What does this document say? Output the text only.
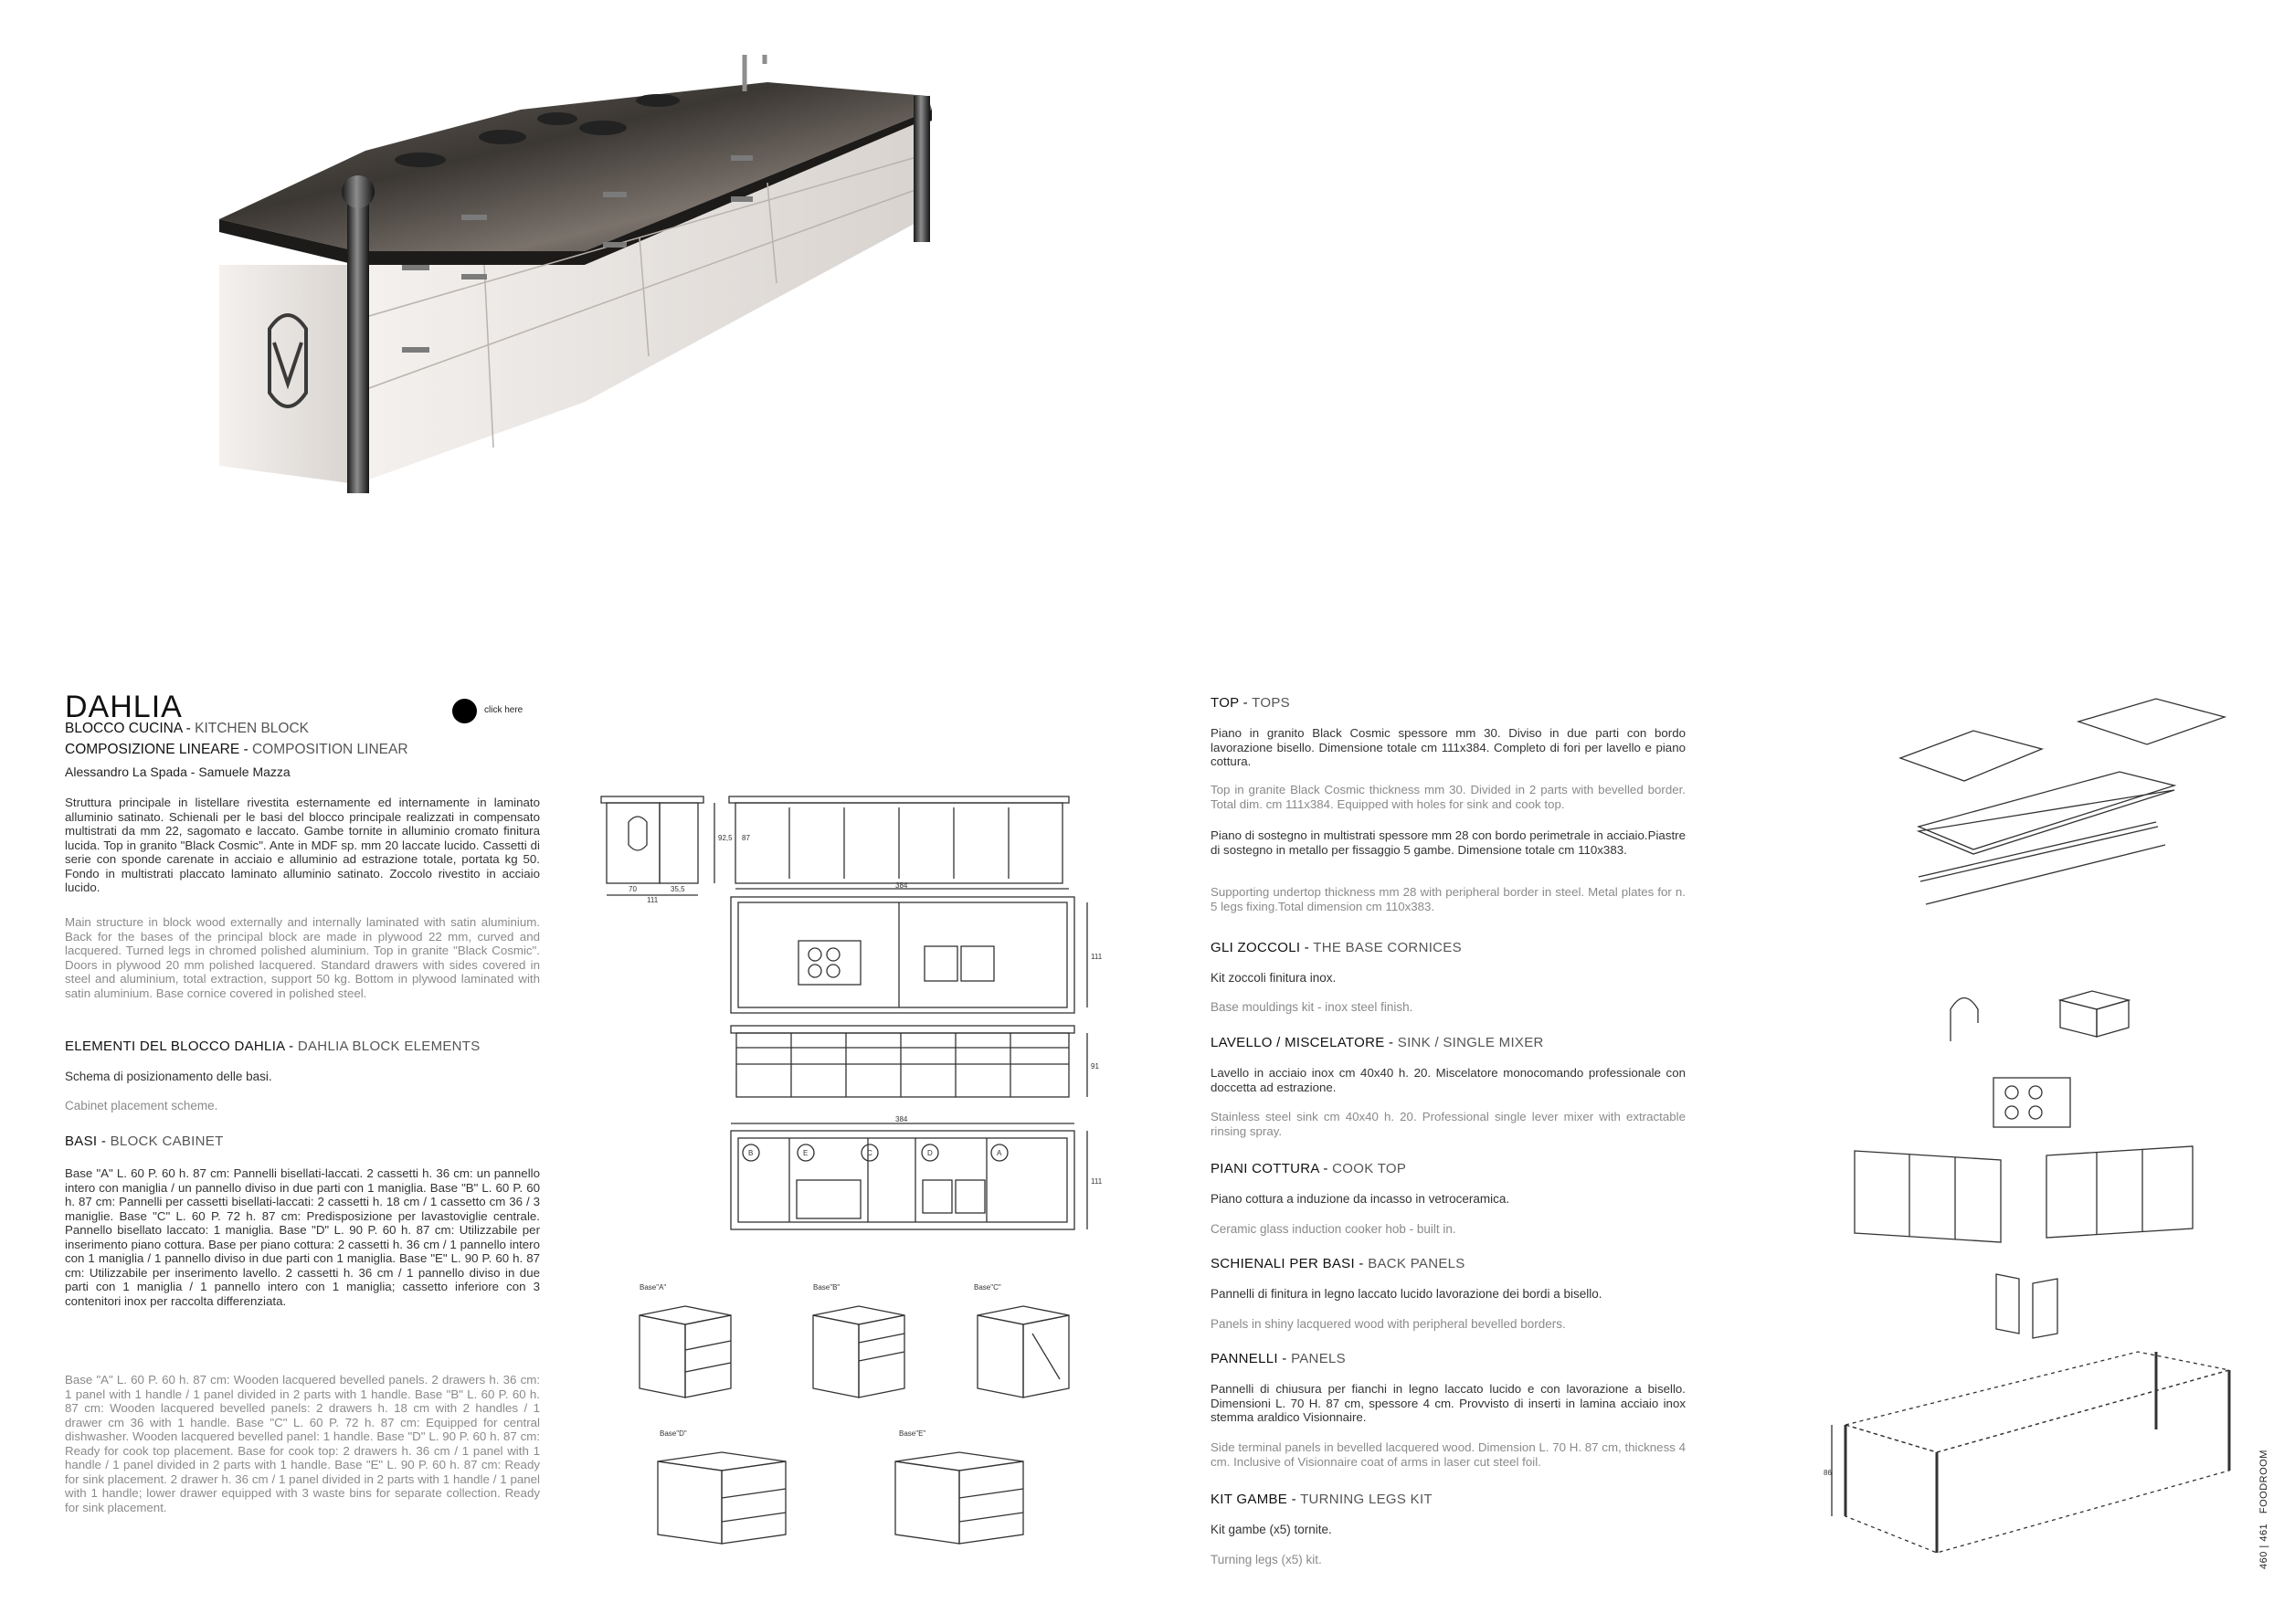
DAHLIA	click here
BLOCCO CUCINA - KITCHEN BLOCK
COMPOSIZIONE LINEARE - COMPOSITION LINEAR
Alessandro La Spada - Samuele Mazza
Struttura principale in listellare rivestita esternamente ed internamente in laminato alluminio satinato. Schienali per le basi del blocco principale realizzati in compensato multistrati da mm 22, sagomato e laccato. Gambe tornite in alluminio cromato finitura lucida. Top in granito "Black Cosmic". Ante in MDF sp. mm 20 laccate lucido. Cassetti di serie con sponde carenate in acciaio e alluminio ad estrazione totale, portata kg 50. Fondo in multistrati placcato laminato alluminio satinato. Zoccolo rivestito in acciaio lucido.
Main structure in block wood externally and internally laminated with satin aluminium. Back for the bases of the principal block are made in plywood 22 mm, curved and lacquered. Turned legs in chromed polished aluminium. Top in granite "Black Cosmic". Doors in plywood 20 mm polished lacquered. Standard drawers with sides covered in steel and aluminium, total extraction, support 50 kg. Bottom in plywood laminated with satin aluminium. Base cornice covered in polished steel.
ELEMENTI DEL BLOCCO DAHLIA - DAHLIA BLOCK ELEMENTS
Schema di posizionamento delle basi.
Cabinet placement scheme.
BASI - BLOCK CABINET
Base "A" L. 60 P. 60 h. 87 cm: Pannelli bisellati-laccati. 2 cassetti h. 36 cm: un pannello intero con maniglia / un pannello diviso in due parti con 1 maniglia. Base "B" L. 60 P. 60 h. 87 cm: Pannelli per cassetti bisellati-laccati: 2 cassetti h. 18 cm / 1 cassetto cm 36 / 3 maniglie. Base "C" L. 60 P. 72 h. 87 cm: Predisposizione per lavastoviglie centrale. Pannello bisellato laccato: 1 maniglia. Base "D" L. 90 P. 60 h. 87 cm: Utilizzabile per inserimento piano cottura. Base per piano cottura: 2 cassetti h. 36 cm / 1 pannello intero con 1 maniglia / 1 pannello diviso in due parti con 1 maniglia. Base "E" L. 90 P. 60 h. 87 cm: Utilizzabile per inserimento lavello. 2 cassetti h. 36 cm / 1 pannello diviso in due parti con 1 maniglia / 1 pannello intero con 1 maniglia; cassetto inferiore con 3 contenitori inox per raccolta differenziata.
Base "A" L. 60 P. 60 h. 87 cm: Wooden lacquered bevelled panels. 2 drawers h. 36 cm: 1 panel with 1 handle / 1 panel divided in 2 parts with 1 handle. Base "B" L. 60 P. 60 h. 87 cm: Wooden lacquered bevelled panels: 2 drawers h. 18 cm with 2 handles / 1 drawer cm 36 with 1 handle. Base "C" L. 60 P. 72 h. 87 cm: Equipped for central dishwasher. Wooden lacquered bevelled panel: 1 handle. Base "D" L. 90 P. 60 h. 87 cm: Ready for cook top placement. Base for cook top: 2 drawers h. 36 cm / 1 panel with 1 handle / 1 panel divided in 2 parts with 1 handle. Base "E" L. 90 P. 60 h. 87 cm: Ready for sink placement. 2 drawer h. 36 cm / 1 panel divided in 2 parts with 1 handle / 1 panel with 1 handle; lower drawer equipped with 3 waste bins for separate collection. Ready for sink placement.
70	35,5
111
92,5 87
384
111
91
384
111
B	E	C	D	A
Base"A"	Base"B"	Base"C"
Base"D"	Base"E"
TOP - TOPS
Piano in granito Black Cosmic spessore mm 30. Diviso in due parti con bordo lavorazione bisello. Dimensione totale cm 111x384. Completo di fori per lavello e piano cottura.
Top in granite Black Cosmic thickness mm 30. Divided in 2 parts with bevelled border. Total dim. cm 111x384. Equipped with holes for sink and cook top.
Piano di sostegno in multistrati spessore mm 28 con bordo perimetrale in acciaio.Piastre di sostegno in metallo per fissaggio 5 gambe. Dimensione totale cm 110x383.
Supporting undertop thickness mm 28 with peripheral border in steel. Metal plates for n. 5 legs fixing.Total dimension cm 110x383.
GLI ZOCCOLI - THE BASE CORNICES
Kit zoccoli finitura inox.
Base mouldings kit - inox steel finish.
LAVELLO / MISCELATORE - SINK / SINGLE MIXER
Lavello in acciaio inox cm 40x40 h. 20. Miscelatore monocomando professionale con doccetta ad estrazione.
Stainless steel sink cm 40x40 h. 20. Professional single lever mixer with extractable rinsing spray.
PIANI COTTURA - COOK TOP
Piano cottura a induzione da incasso in vetroceramica.
Ceramic glass induction cooker hob - built in.
SCHIENALI PER BASI - BACK PANELS
Pannelli di finitura in legno laccato lucido lavorazione dei bordi a bisello.
Panels in shiny lacquered wood with peripheral bevelled borders.
PANNELLI - PANELS
Pannelli di chiusura per fianchi in legno laccato lucido e con lavorazione a bisello. Dimensioni L. 70 H. 87 cm, spessore 4 cm. Provvisto di inserti in lamina acciaio inox stemma araldico Visionnaire.
Side terminal panels in bevelled lacquered wood. Dimension L. 70 H. 87 cm, thickness 4 cm. Inclusive of Visionnaire coat of arms in laser cut steel foil.
KIT GAMBE - TURNING LEGS KIT
Kit gambe (x5) tornite.
Turning legs (x5) kit.
86
460 | 461   FOODROOM
